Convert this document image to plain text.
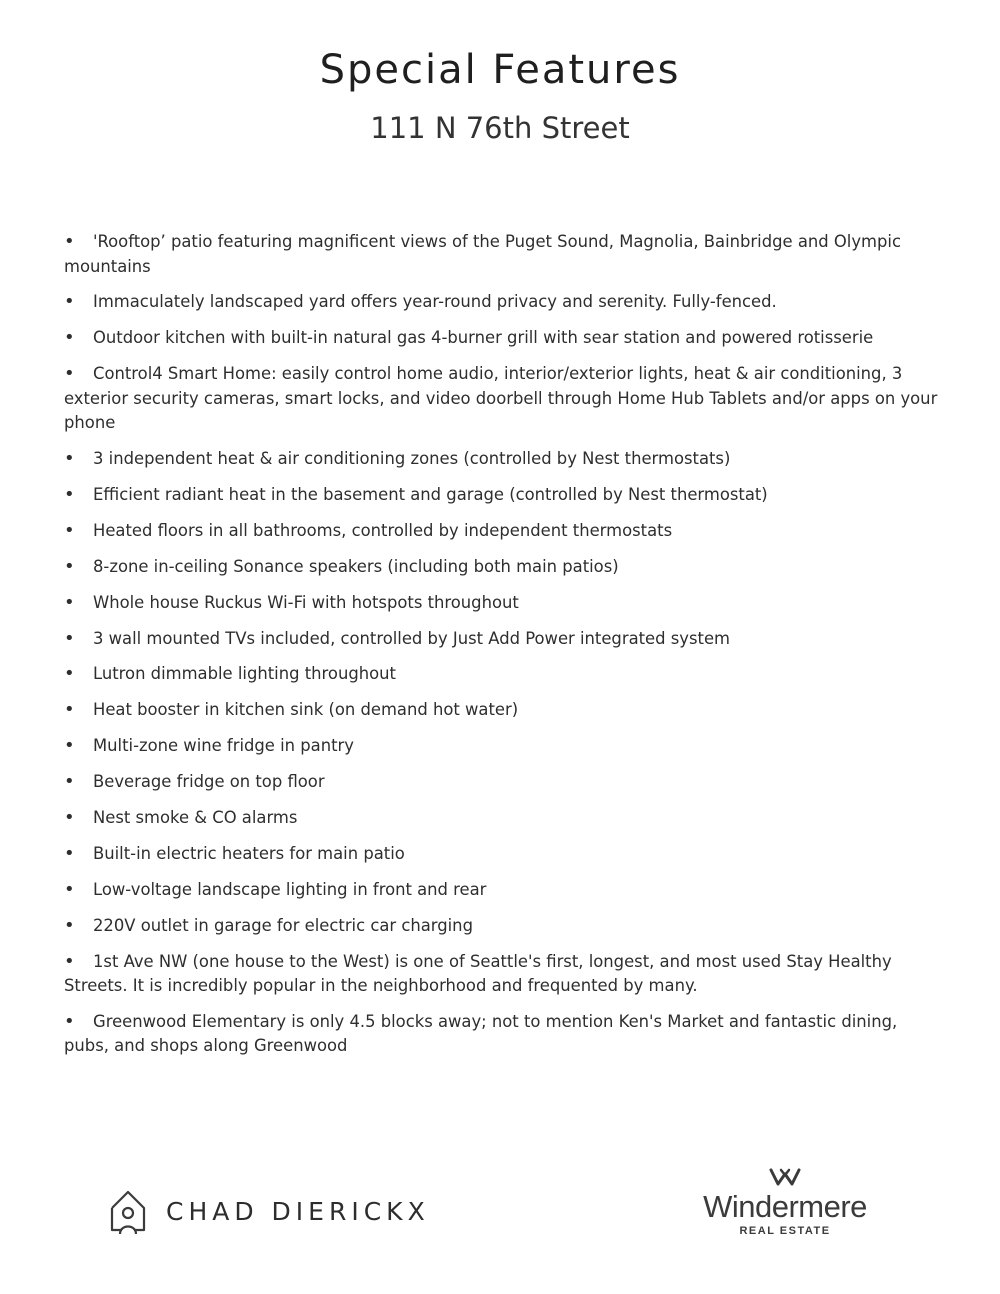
Special Features
111 N 76th Street
• 'Rooftop’ patio featuring magnificent views of the Puget Sound, Magnolia, Bainbridge and Olympic mountains
• Immaculately landscaped yard offers year-round privacy and serenity. Fully-fenced.
• Outdoor kitchen with built-in natural gas 4-burner grill with sear station and powered rotisserie
• Control4 Smart Home: easily control home audio, interior/exterior lights, heat & air conditioning, 3 exterior security cameras, smart locks, and video doorbell through Home Hub Tablets and/or apps on your phone
• 3 independent heat & air conditioning zones (controlled by Nest thermostats)
• Efficient radiant heat in the basement and garage (controlled by Nest thermostat)
• Heated floors in all bathrooms, controlled by independent thermostats
• 8-zone in-ceiling Sonance speakers (including both main patios)
• Whole house Ruckus Wi-Fi with hotspots throughout
• 3 wall mounted TVs included, controlled by Just Add Power integrated system
• Lutron dimmable lighting throughout
• Heat booster in kitchen sink (on demand hot water)
• Multi-zone wine fridge in pantry
• Beverage fridge on top floor
• Nest smoke & CO alarms
• Built-in electric heaters for main patio
• Low-voltage landscape lighting in front and rear
• 220V outlet in garage for electric car charging
• 1st Ave NW (one house to the West) is one of Seattle's first, longest, and most used Stay Healthy Streets. It is incredibly popular in the neighborhood and frequented by many.
• Greenwood Elementary is only 4.5 blocks away; not to mention Ken's Market and fantastic dining, pubs, and shops along Greenwood
CHAD DIERICKX	Windermere
REAL ESTATE
